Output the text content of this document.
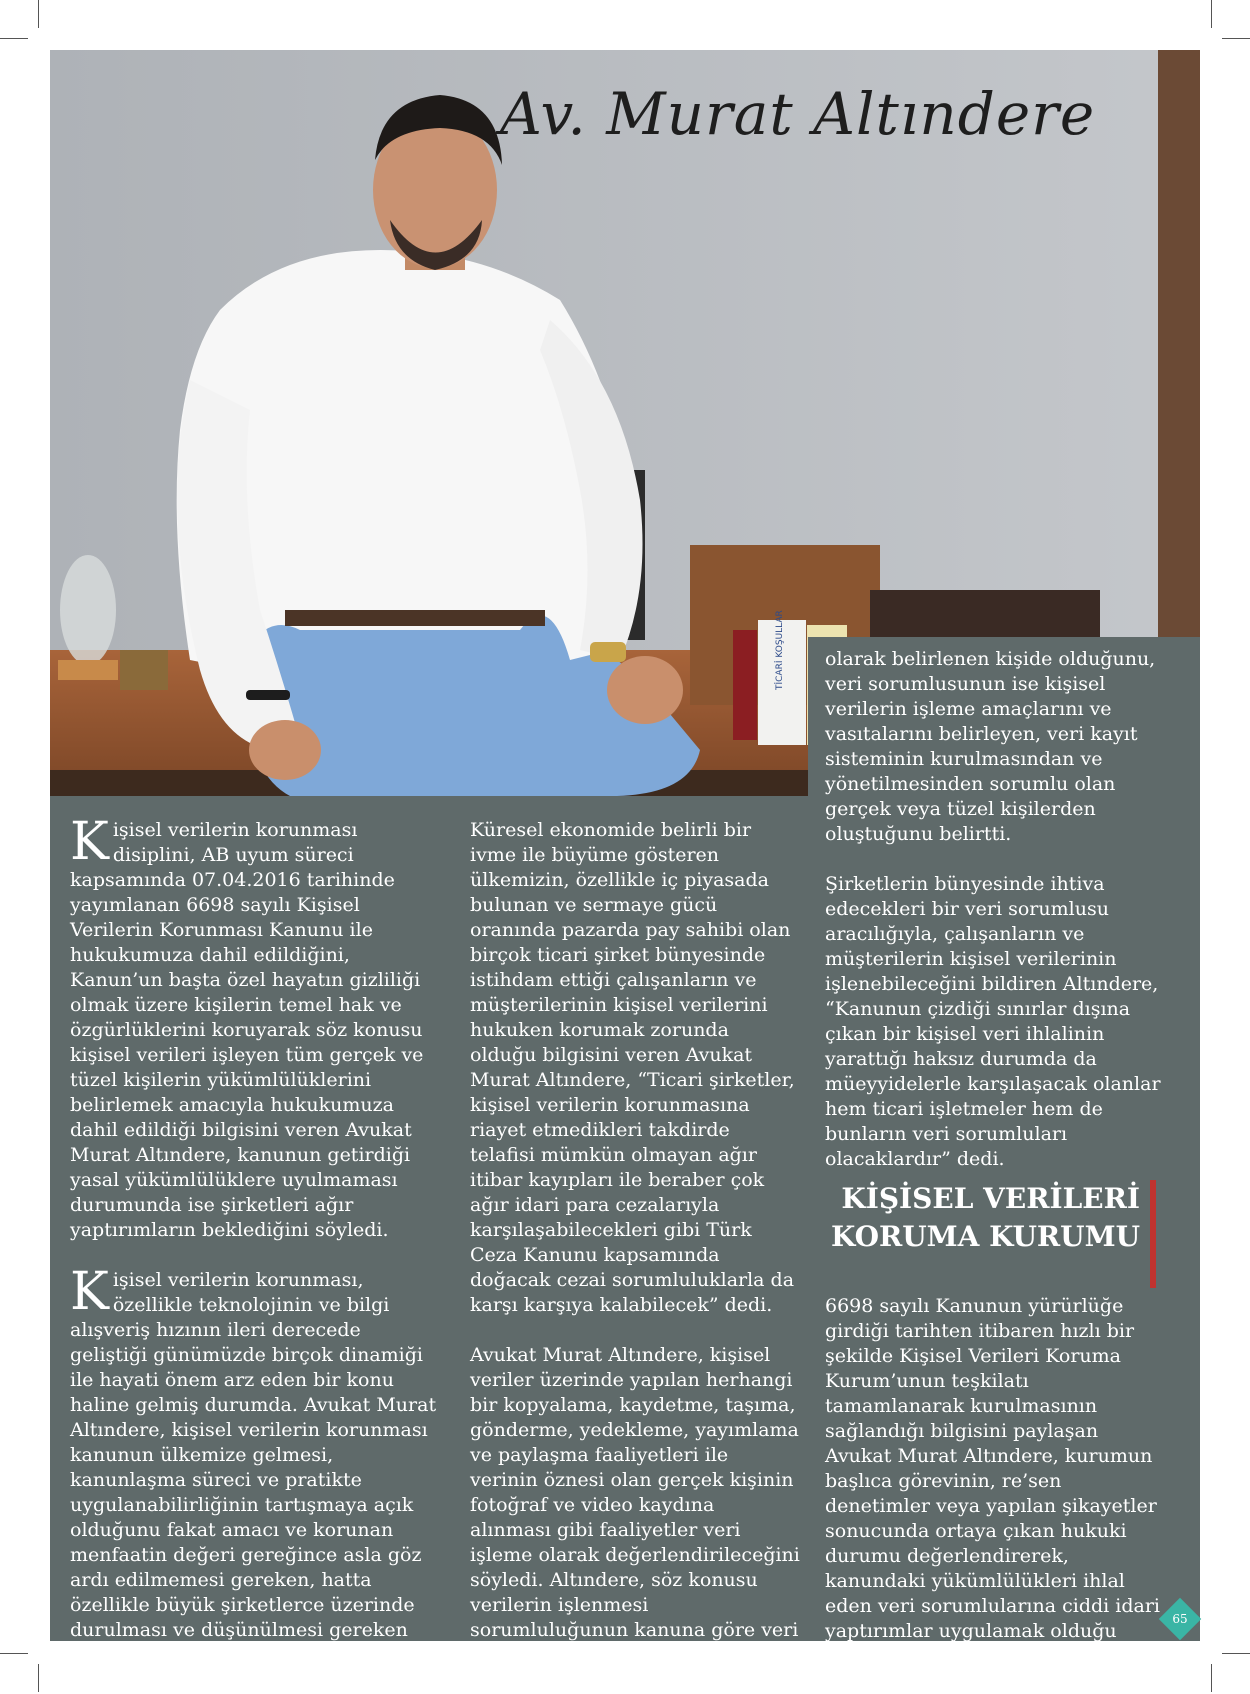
TİCARİ KOŞULLAR
Av. Murat Altındere

Kişisel verilerin korunması disiplini, AB uyum süreci kapsamında 07.04.2016 tarihinde yayımlanan 6698 sayılı Kişisel Verilerin Korunması Kanunu ile hukukumuza dahil edildiğini, Kanun’un başta özel hayatın gizliliği olmak üzere kişilerin temel hak ve özgürlüklerini koruyarak söz konusu kişisel verileri işleyen tüm gerçek ve tüzel kişilerin yükümlülüklerini belirlemek amacıyla hukukumuza dahil edildiği bilgisini veren Avukat Murat Altındere, kanunun getirdiği yasal yükümlülüklere uyulmaması durumunda ise şirketleri ağır yaptırımların beklediğini söyledi.

Kişisel verilerin korunması, özellikle teknolojinin ve bilgi alışveriş hızının ileri derecede geliştiği günümüzde birçok dinamiği ile hayati önem arz eden bir konu haline gelmiş durumda. Avukat Murat Altındere, kişisel verilerin korunması kanunun ülkemize gelmesi, kanunlaşma süreci ve pratikte uygulanabilirliğinin tartışmaya açık olduğunu fakat amacı ve korunan menfaatin değeri gereğince asla göz ardı edilmemesi gereken, hatta özellikle büyük şirketlerce üzerinde durulması ve düşünülmesi gereken bir konu olduğunu vurguladı.

Küresel ekonomide belirli bir ivme ile büyüme gösteren ülkemizin, özellikle iç piyasada bulunan ve sermaye gücü oranında pazarda pay sahibi olan birçok ticari şirket bünyesinde istihdam ettiği çalışanların ve müşterilerinin kişisel verilerini hukuken korumak zorunda olduğu bilgisini veren Avukat Murat Altındere, “Ticari şirketler, kişisel verilerin korunmasına riayet etmedikleri takdirde telafisi mümkün olmayan ağır itibar kayıpları ile beraber çok ağır idari para cezalarıyla karşılaşabilecekleri gibi Türk Ceza Kanunu kapsamında doğacak cezai sorumluluklarla da karşı karşıya kalabilecek” dedi.

Avukat Murat Altındere, kişisel veriler üzerinde yapılan herhangi bir kopyalama, kaydetme, taşıma, gönderme, yedekleme, yayımlama ve paylaşma faaliyetleri ile verinin öznesi olan gerçek kişinin fotoğraf ve video kaydına alınması gibi faaliyetler veri işleme olarak değerlendirileceğini söyledi. Altındere, söz konusu verilerin işlenmesi sorumluluğunun kanuna göre veri sorumlusu

olarak belirlenen kişide olduğunu, veri sorumlusunun ise kişisel verilerin işleme amaçlarını ve vasıtalarını belirleyen, veri kayıt sisteminin kurulmasından ve yönetilmesinden sorumlu olan gerçek veya tüzel kişilerden oluştuğunu belirtti.

Şirketlerin bünyesinde ihtiva edecekleri bir veri sorumlusu aracılığıyla, çalışanların ve müşterilerin kişisel verilerinin işlenebileceğini bildiren Altındere, “Kanunun çizdiği sınırlar dışına çıkan bir kişisel veri ihlalinin yarattığı haksız durumda da müeyyidelerle karşılaşacak olanlar hem ticari işletmeler hem de bunların veri sorumluları olacaklardır” dedi.

KİŞİSEL VERİLERİ
KORUMA KURUMU

6698 sayılı Kanunun yürürlüğe girdiği tarihten itibaren hızlı bir şekilde Kişisel Verileri Koruma Kurum’unun teşkilatı tamamlanarak kurulmasının sağlandığı bilgisini paylaşan Avukat Murat Altındere, kurumun başlıca görevinin, re’sen denetimler veya yapılan şikayetler sonucunda ortaya çıkan hukuki durumu değerlendirerek, kanundaki yükümlülükleri ihlal eden veri sorumlularına ciddi idari yaptırımlar uygulamak olduğu bilgisini paylaştı.

65
